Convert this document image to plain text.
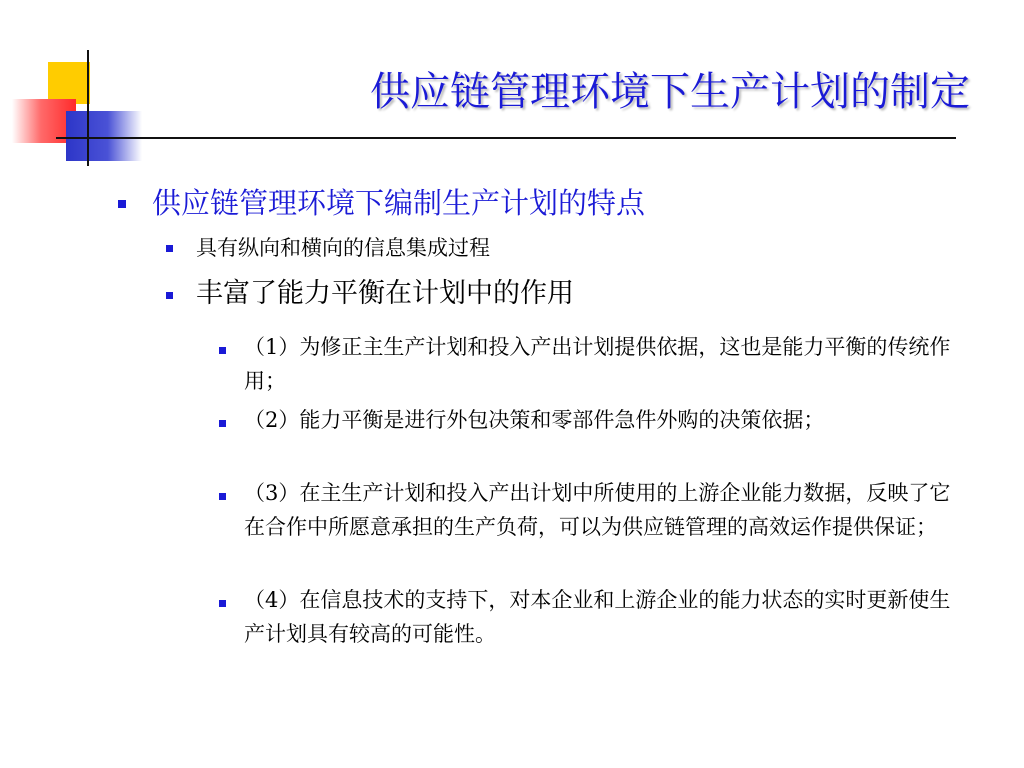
供应链管理环境下生产计划的制定

供应链管理环境下编制生产计划的特点

具有纵向和横向的信息集成过程

丰富了能力平衡在计划中的作用

（1）为修正主生产计划和投入产出计划提供依据，这也是能力平衡的传统作用；

（2）能力平衡是进行外包决策和零部件急件外购的决策依据；

（3）在主生产计划和投入产出计划中所使用的上游企业能力数据，反映了它在合作中所愿意承担的生产负荷，可以为供应链管理的高效运作提供保证；

（4）在信息技术的支持下，对本企业和上游企业的能力状态的实时更新使生产计划具有较高的可能性。
